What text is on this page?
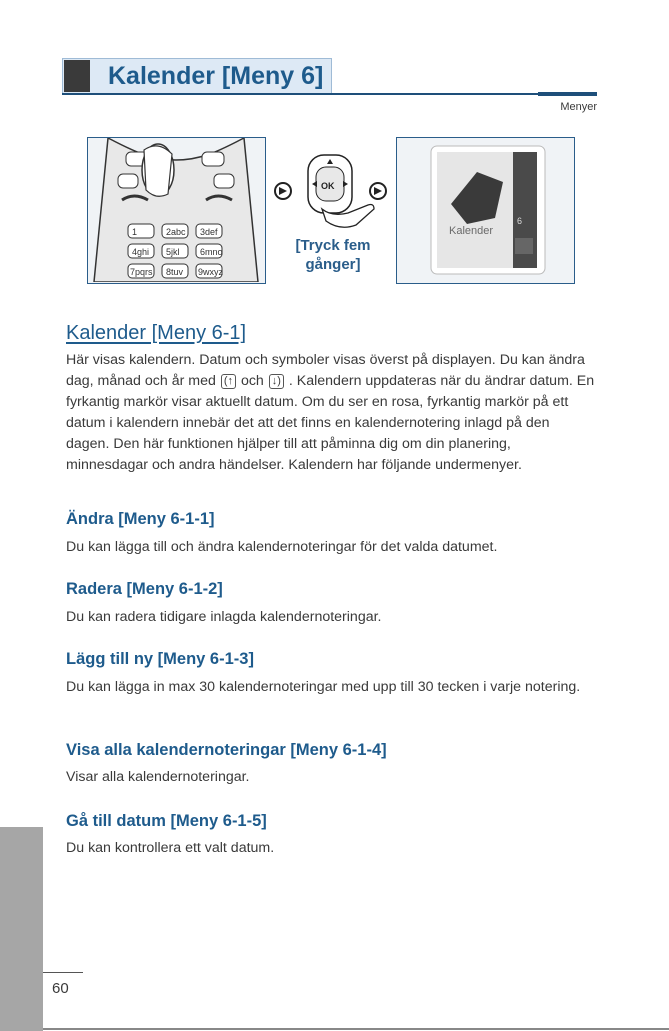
Kalender [Meny 6]
Menyer
1	2abc 3def
4ghi 5jkl 6mno
7pqrs 8tuv 9wxyz
OK
[Tryck fem
gånger]
6
Kalender
Kalender [Meny 6-1]
Här visas kalendern. Datum och symboler visas överst på displayen. Du kan ändra dag, månad och år med (↑ och ↓) . Kalendern uppdateras när du ändrar datum. En fyrkantig markör visar aktuellt datum. Om du ser en rosa, fyrkantig markör på ett datum i kalendern innebär det att det finns en kalendernotering inlagd på den dagen. Den här funktionen hjälper till att påminna dig om din planering, minnesdagar och andra händelser. Kalendern har följande undermenyer.
Ändra [Meny 6-1-1]
Du kan lägga till och ändra kalendernoteringar för det valda datumet.
Radera [Meny 6-1-2]
Du kan radera tidigare inlagda kalendernoteringar.
Lägg till ny [Meny 6-1-3]
Du kan lägga in max 30 kalendernoteringar med upp till 30 tecken i varje notering.
Visa alla kalendernoteringar [Meny 6-1-4]
Visar alla kalendernoteringar.
Gå till datum [Meny 6-1-5]
Du kan kontrollera ett valt datum.
60
